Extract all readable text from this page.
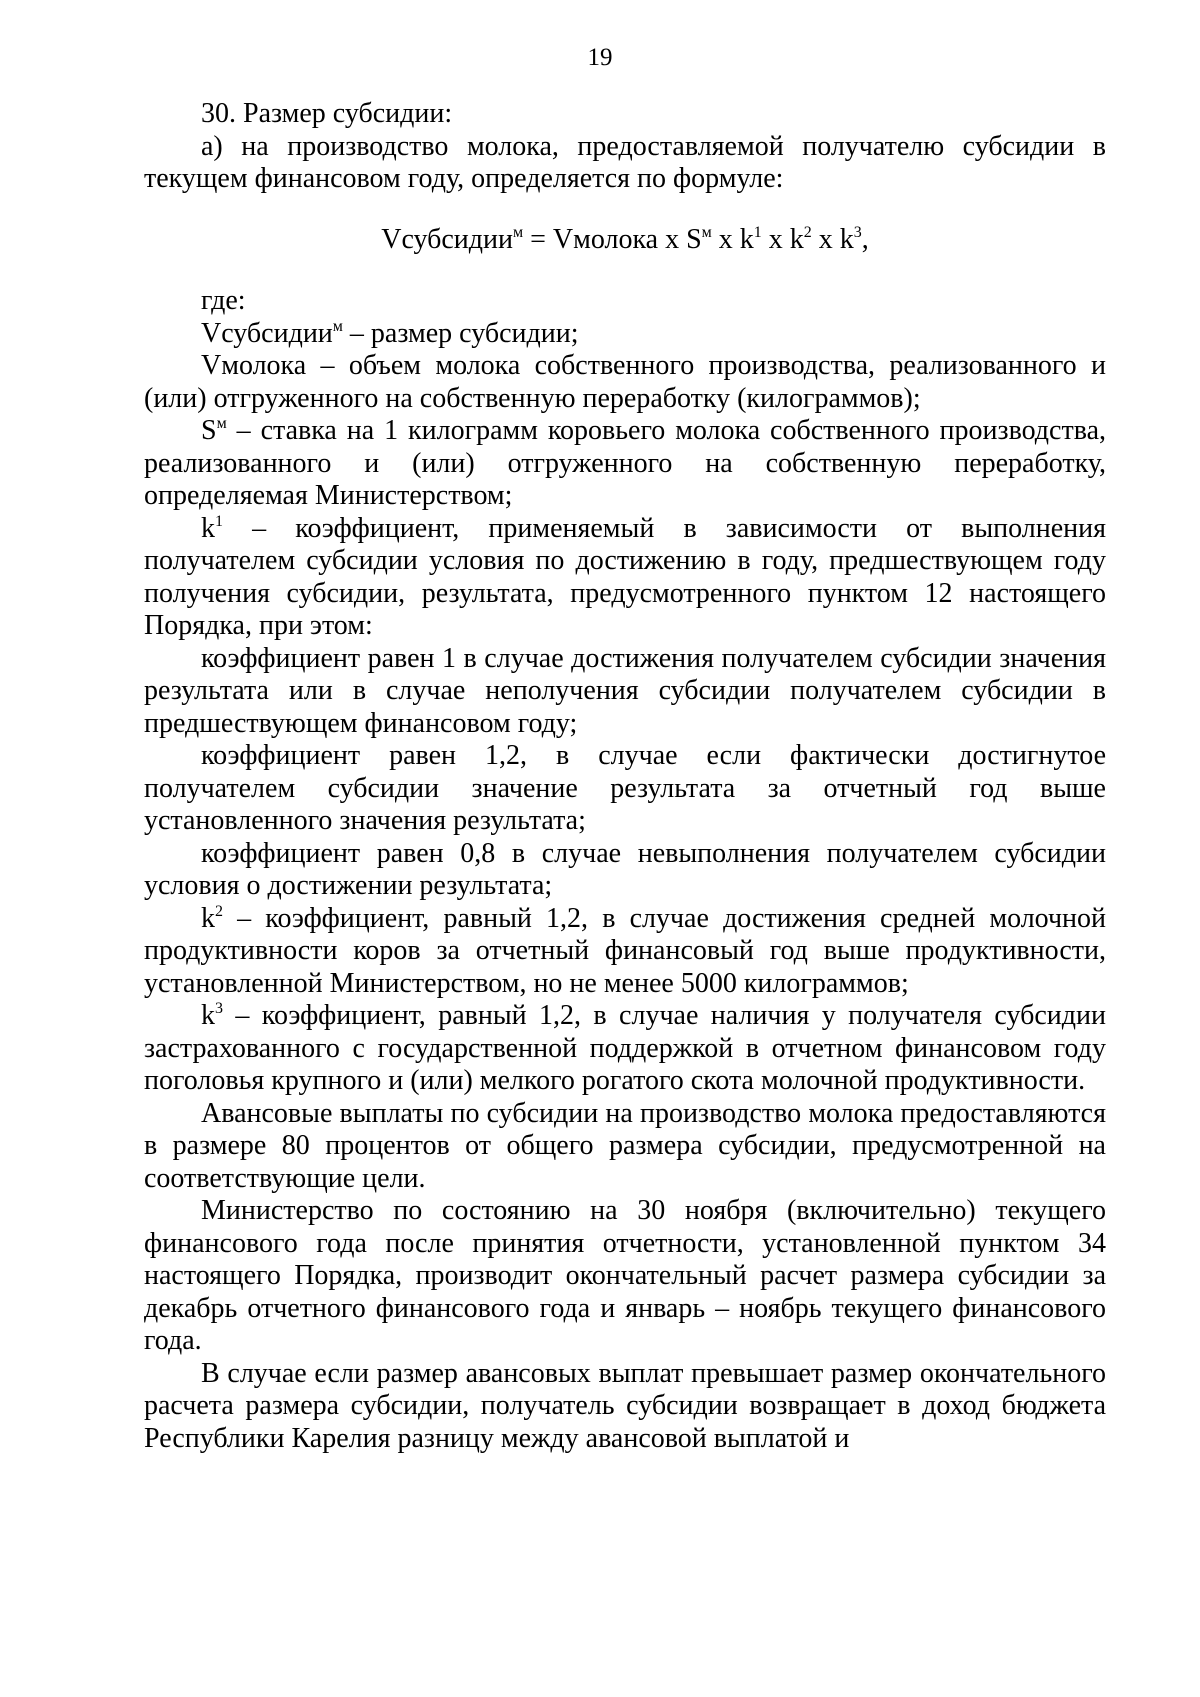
19

30. Размер субсидии:

а) на производство молока, предоставляемой получателю субсидии в текущем финансовом году, определяется по формуле:

Vсубсидии$^м$ = Vмолока x $S^м$ x $k^1$ x $k^2$ x $k^3$,

где:

Vсубсидии$^м$ – размер субсидии;

Vмолока – объем молока собственного производства, реализованного и (или) отгруженного на собственную переработку (килограммов);

$S^м$ – ставка на 1 килограмм коровьего молока собственного производства, реализованного и (или) отгруженного на собственную переработку, определяемая Министерством;

$k^1$ – коэффициент, применяемый в зависимости от выполнения получателем субсидии условия по достижению в году, предшествующем году получения субсидии, результата, предусмотренного пунктом 12 настоящего Порядка, при этом:

коэффициент равен 1 в случае достижения получателем субсидии значения результата или в случае неполучения субсидии получателем субсидии в предшествующем финансовом году;

коэффициент равен 1,2, в случае если фактически достигнутое получателем субсидии значение результата за отчетный год выше установленного значения результата;

коэффициент равен 0,8 в случае невыполнения получателем субсидии условия о достижении результата;

$k^2$ – коэффициент, равный 1,2, в случае достижения средней молочной продуктивности коров за отчетный финансовый год выше продуктивности, установленной Министерством, но не менее 5000 килограммов;

$k^3$ – коэффициент, равный 1,2, в случае наличия у получателя субсидии застрахованного с государственной поддержкой в отчетном финансовом году поголовья крупного и (или) мелкого рогатого скота молочной продуктивности.

Авансовые выплаты по субсидии на производство молока предоставляются в размере 80 процентов от общего размера субсидии, предусмотренной на соответствующие цели.

Министерство по состоянию на 30 ноября (включительно) текущего финансового года после принятия отчетности, установленной пунктом 34 настоящего Порядка, производит окончательный расчет размера субсидии за декабрь отчетного финансового года и январь – ноябрь текущего финансового года.

В случае если размер авансовых выплат превышает размер окончательного расчета размера субсидии, получатель субсидии возвращает в доход бюджета Республики Карелия разницу между авансовой выплатой и
